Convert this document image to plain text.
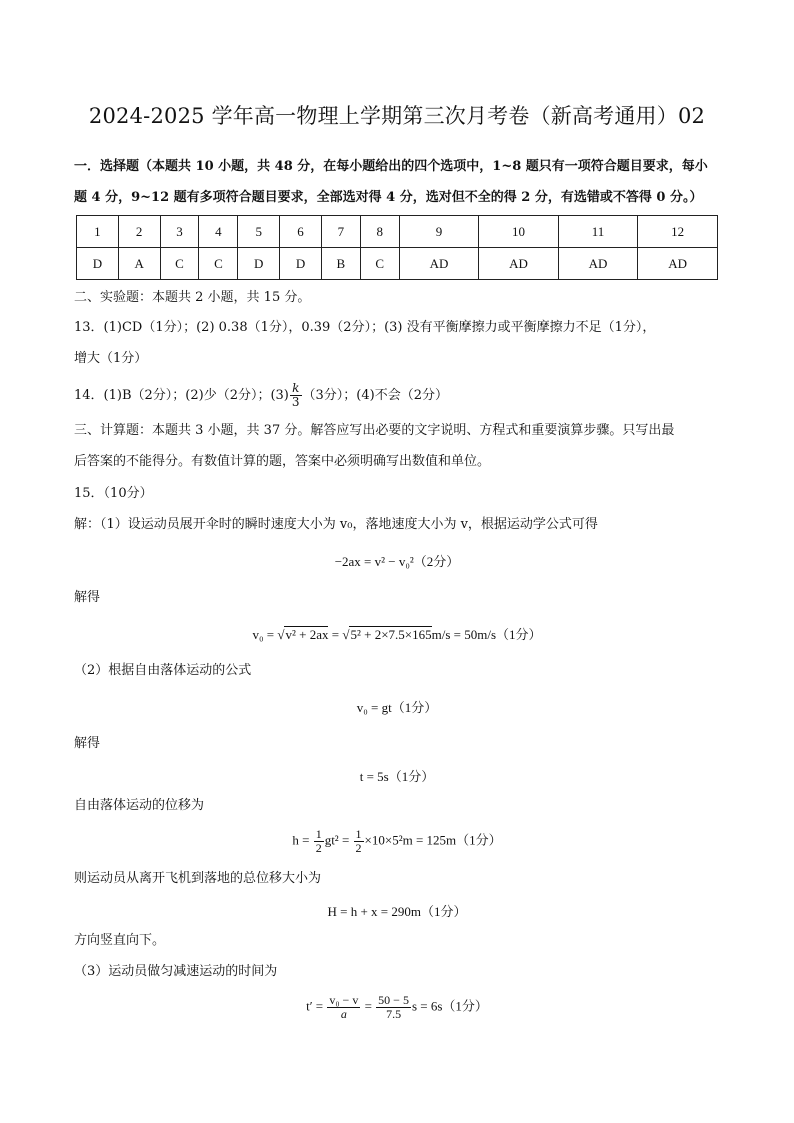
2024-2025 学年高一物理上学期第三次月考卷（新高考通用）02
一．选择题（本题共 10 小题，共 48 分，在每小题给出的四个选项中，1~8 题只有一项符合题目要求，每小
题 4 分，9~12 题有多项符合题目要求，全部选对得 4 分，选对但不全的得 2 分，有选错或不答得 0 分。）
1	2	3	4	5	6	7	8	9	10	11	12
D	A	C	C	D	D	B	C	AD	AD	AD	AD
二、实验题：本题共 2 小题，共 15 分。
13．(1)CD（1分）；(2) 0.38（1分），0.39（2分）；(3) 没有平衡摩擦力或平衡摩擦力不足（1分），
增大（1分）
14．(1)B（2分）；(2)少（2分）；$(3) \frac{k}{3} (3$分）；(4)不会（2分）
三、计算题：本题共 3 小题，共 37 分。解答应写出必要的文字说明、方程式和重要演算步骤。只写出最
后答案的不能得分。有数值计算的题，答案中必须明确写出数值和单位。
15．（10分）
解：（1）设运动员展开伞时的瞬时速度大小为 v₀，落地速度大小为 v，根据运动学公式可得
−2ax = v² − v₀²（2分）
解得
v₀ = √v² + 2ax = √5² + 2×7.5×165m/s = 50m/s（1分）
（2）根据自由落体运动的公式
v₀ = gt（1分）
解得
t = 5s（1分）
自由落体运动的位移为
$h = \frac{1}{2} gt^2 = \frac{1}{2} \times 10\times 5^2m = 125m(1$分）
则运动员从离开飞机到落地的总位移大小为
H = h + x = 290m（1分）
方向竖直向下。
（3）运动员做匀减速运动的时间为
$t' = \frac{\text{v₀ − v}}{a} = \frac{50 - 5}{7.5}$ s = 6s（1分）
